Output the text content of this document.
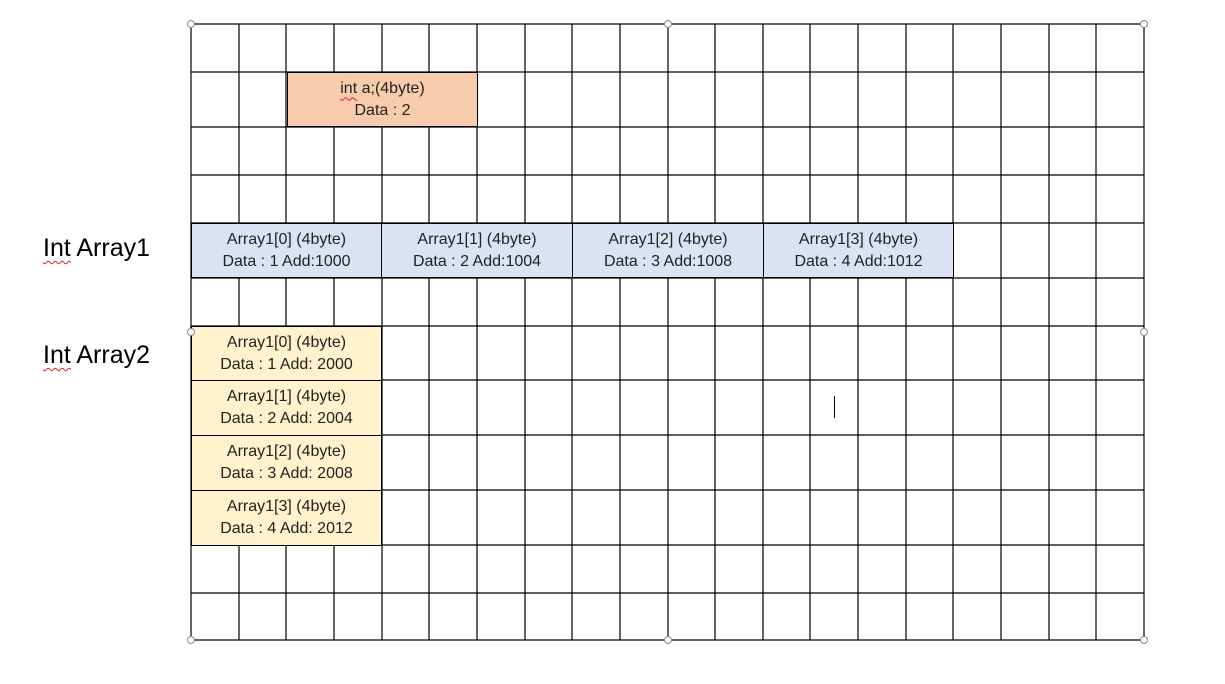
Int Array1
Int Array2
int a;(4byte)
Data : 2
Array1[0] (4byte)
Data : 1 Add:1000
Array1[1] (4byte)
Data : 2 Add:1004
Array1[2] (4byte)
Data : 3 Add:1008
Array1[3] (4byte)
Data : 4 Add:1012
Array1[0] (4byte)
Data : 1 Add: 2000
Array1[1] (4byte)
Data : 2 Add: 2004
Array1[2] (4byte)
Data : 3 Add: 2008
Array1[3] (4byte)
Data : 4 Add: 2012
